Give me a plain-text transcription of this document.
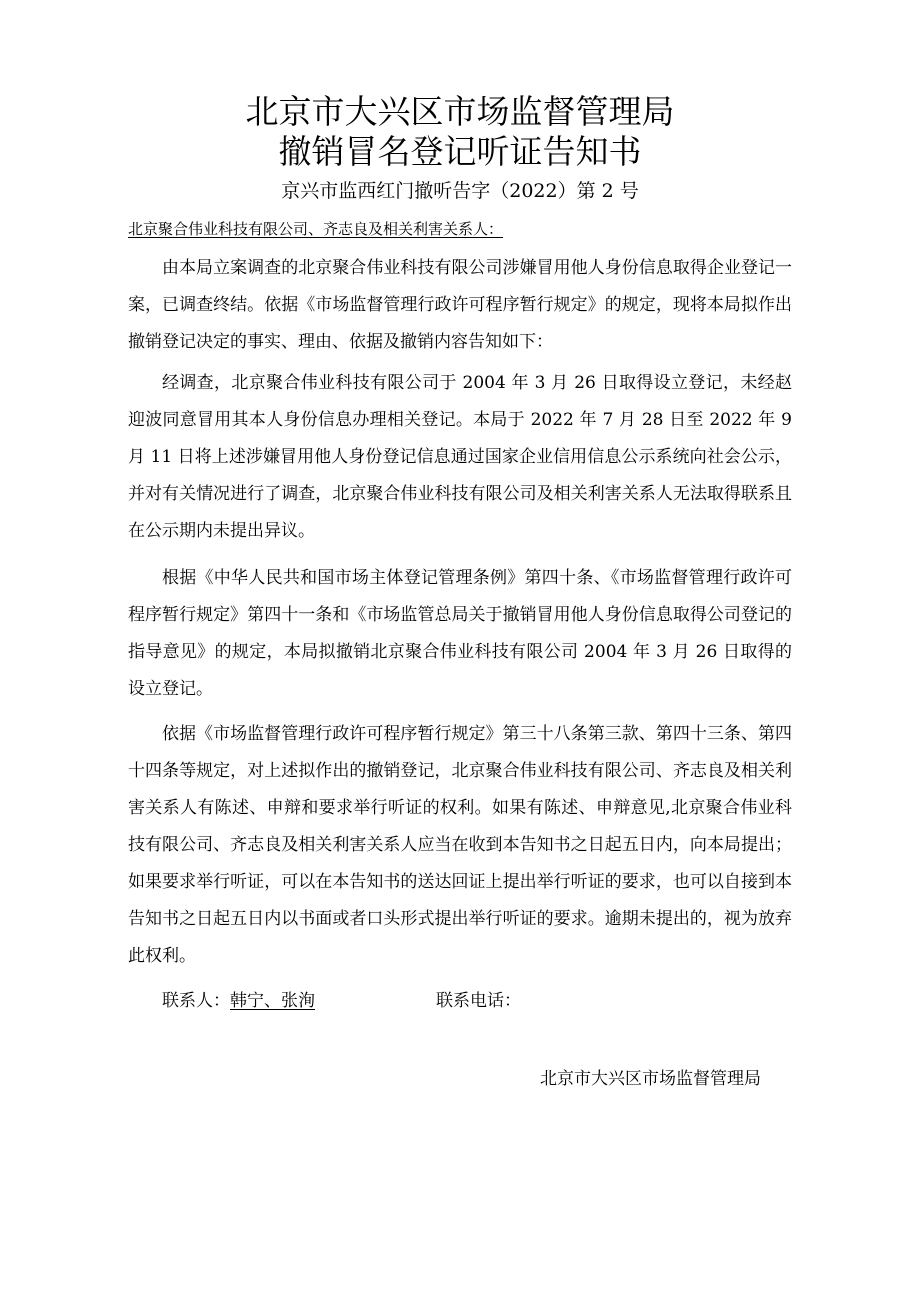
北京市大兴区市场监督管理局
撤销冒名登记听证告知书
京兴市监西红门撤听告字（2022）第 2 号
北京聚合伟业科技有限公司、齐志良及相关利害关系人：

由本局立案调查的北京聚合伟业科技有限公司涉嫌冒用他人身份信息取得企业登记一案，已调查终结。依据《市场监督管理行政许可程序暂行规定》的规定，现将本局拟作出撤销登记决定的事实、理由、依据及撤销内容告知如下：

经调查，北京聚合伟业科技有限公司于 2004 年 3 月 26 日取得设立登记，未经赵迎波同意冒用其本人身份信息办理相关登记。本局于 2022 年 7 月 28 日至 2022 年 9 月 11 日将上述涉嫌冒用他人身份登记信息通过国家企业信用信息公示系统向社会公示，并对有关情况进行了调查，北京聚合伟业科技有限公司及相关利害关系人无法取得联系且在公示期内未提出异议。

根据《中华人民共和国市场主体登记管理条例》第四十条、《市场监督管理行政许可程序暂行规定》第四十一条和《市场监管总局关于撤销冒用他人身份信息取得公司登记的指导意见》的规定，本局拟撤销北京聚合伟业科技有限公司 2004 年 3 月 26 日取得的设立登记。

依据《市场监督管理行政许可程序暂行规定》第三十八条第三款、第四十三条、第四十四条等规定，对上述拟作出的撤销登记，北京聚合伟业科技有限公司、齐志良及相关利害关系人有陈述、申辩和要求举行听证的权利。如果有陈述、申辩意见,北京聚合伟业科技有限公司、齐志良及相关利害关系人应当在收到本告知书之日起五日内，向本局提出；如果要求举行听证，可以在本告知书的送达回证上提出举行听证的要求，也可以自接到本告知书之日起五日内以书面或者口头形式提出举行听证的要求。逾期未提出的，视为放弃此权利。

联系人：韩宁、张洵	联系电话：
北京市大兴区市场监督管理局
